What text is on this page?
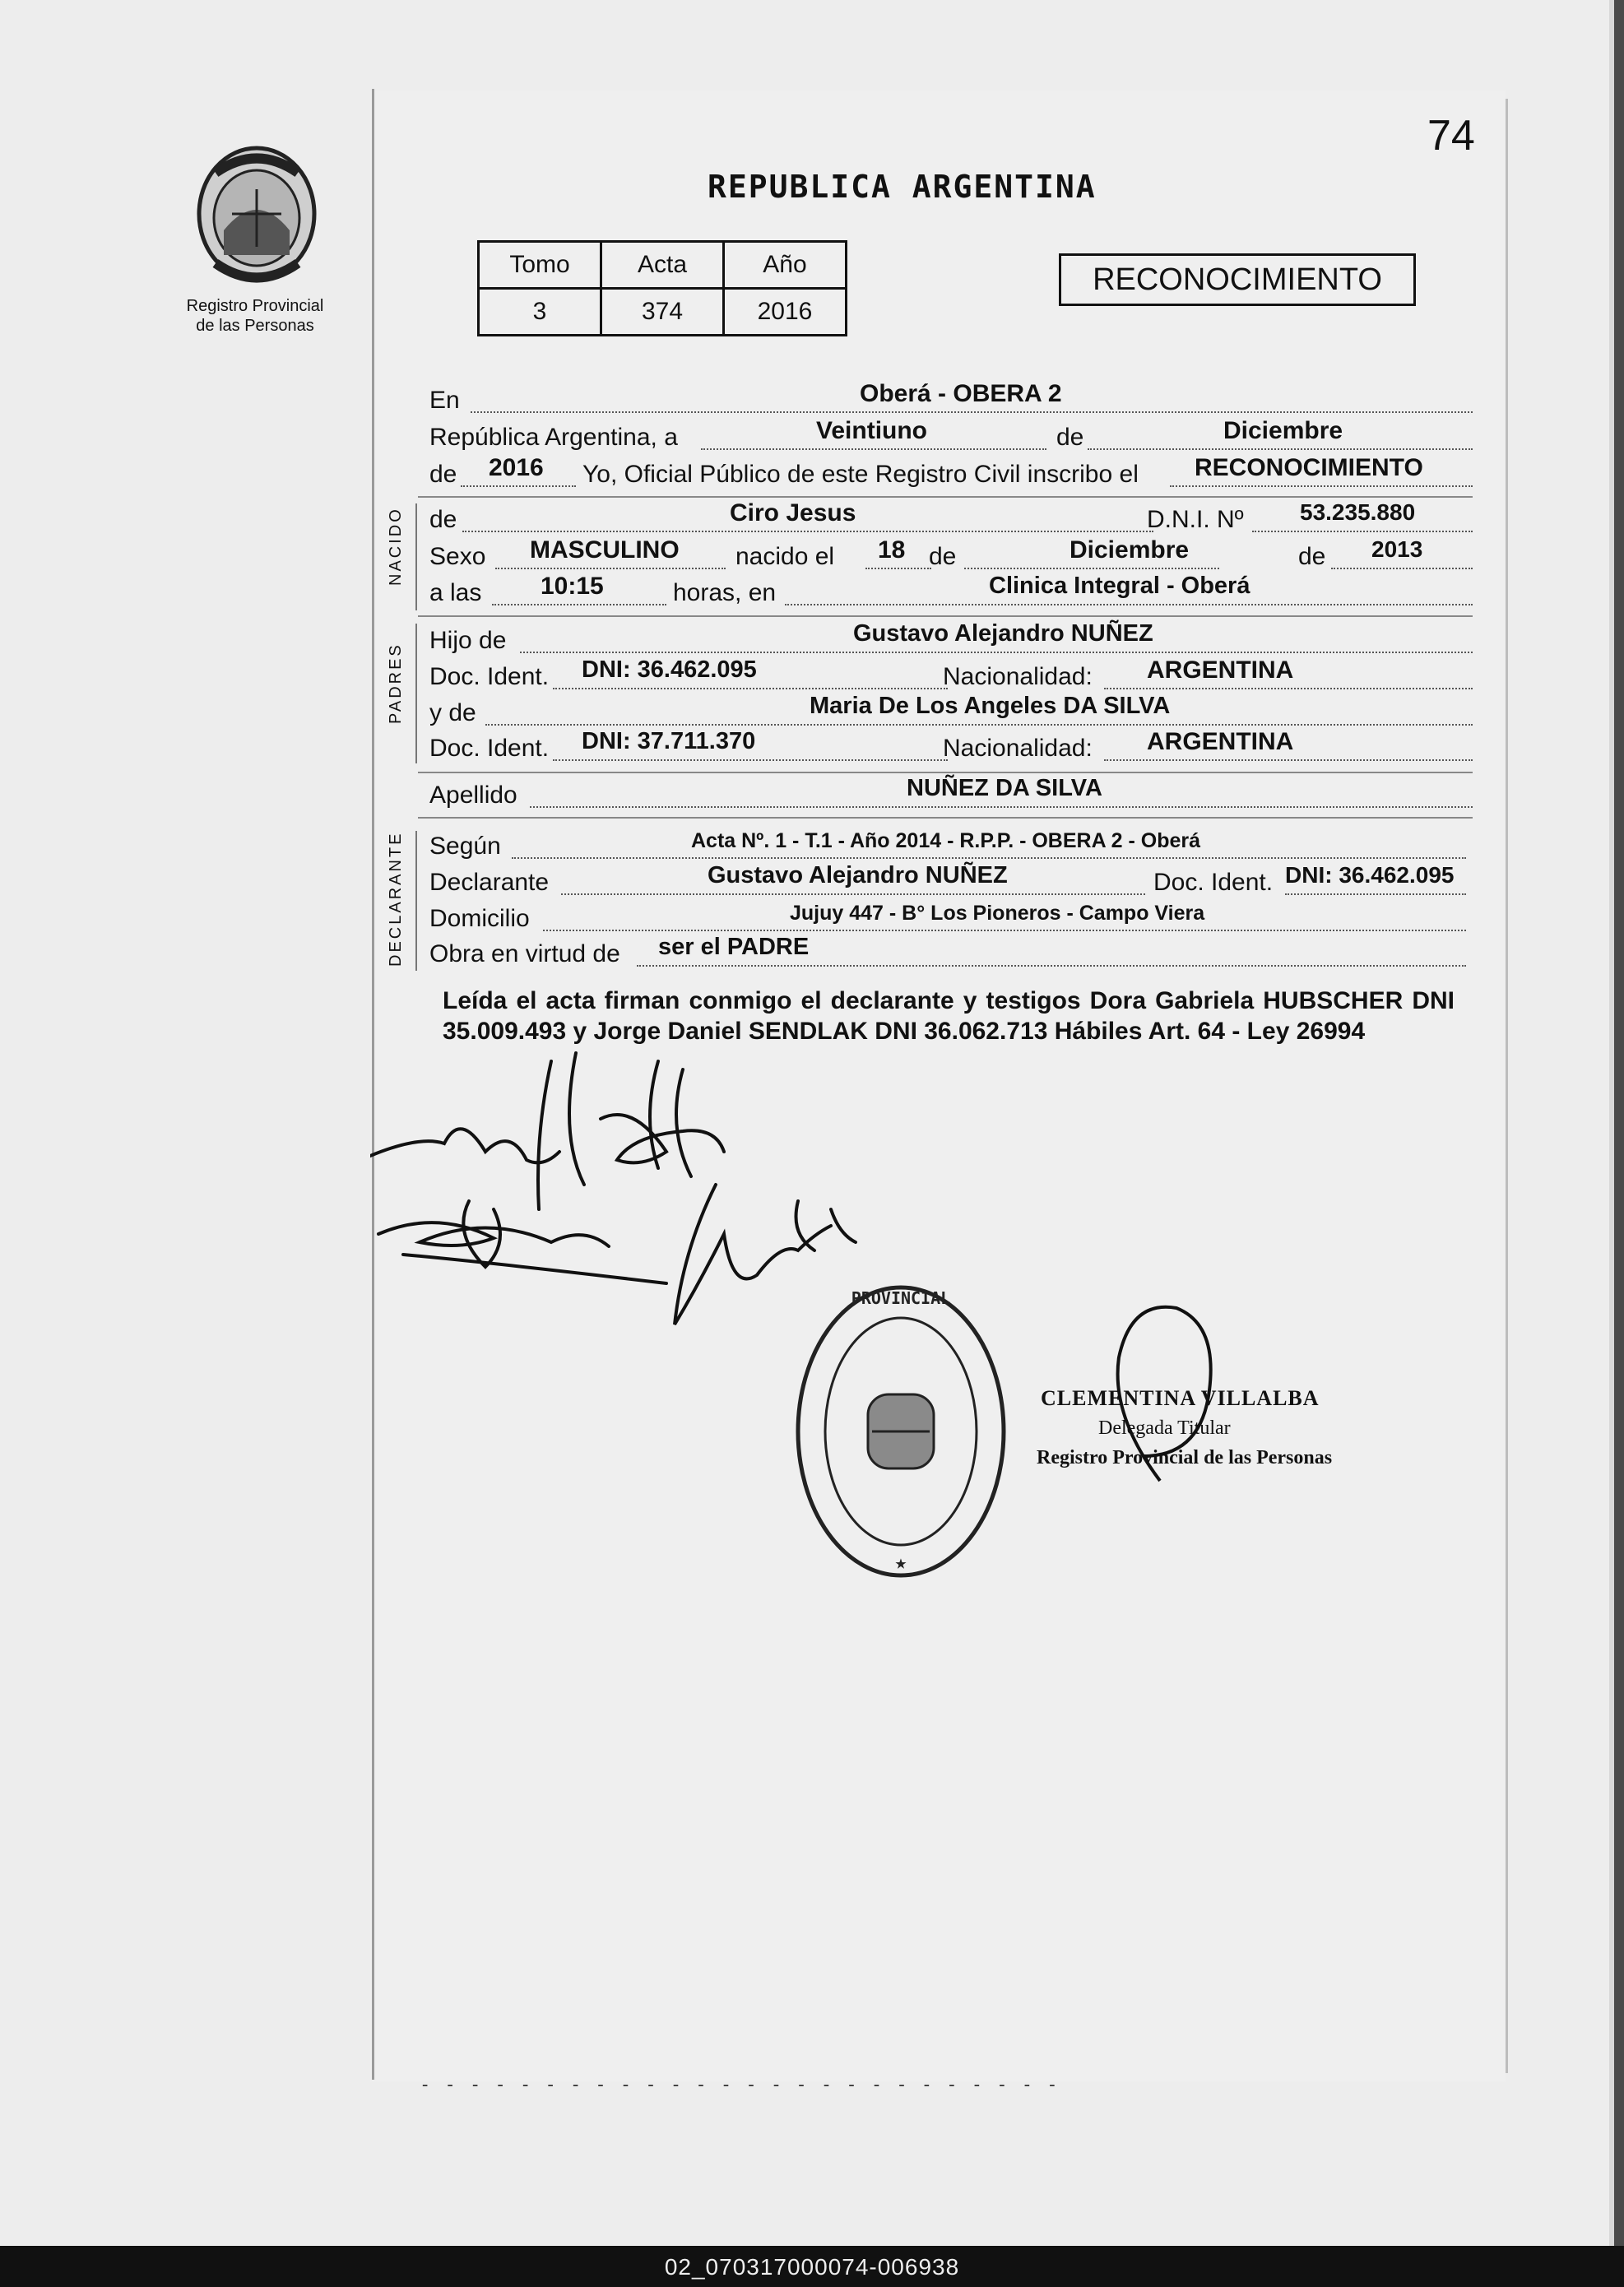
Registro Provincial
de las Personas
74
REPUBLICA ARGENTINA
Tomo	Acta	Año
3	374	2016
RECONOCIMIENTO
En	Oberá - OBERA 2
República Argentina, a	Veintiuno	de	Diciembre
de 2016 Yo, Oficial Público de este Registro Civil inscribo el RECONOCIMIENTO
NACIDO de	Ciro Jesus	D.N.I. Nº 53.235.880
Sexo MASCULINO nacido el 18 de	Diciembre	de 2013
a las 10:15	horas, en	Clinica Integral - Oberá
PADRES
Hijo de	Gustavo Alejandro NUÑEZ
Doc. Ident. DNI: 36.462.095	Nacionalidad: ARGENTINA
y de	Maria De Los Angeles DA SILVA
Doc. Ident. DNI: 37.711.370	Nacionalidad: ARGENTINA
Apellido	NUÑEZ DA SILVA
DECLARANTE Según	Acta Nº. 1 - T.1 - Año 2014 - R.P.P. - OBERA 2 - Oberá
Declarante	Gustavo Alejandro NUÑEZ	Doc. Ident. DNI: 36.462.095
Domicilio	Jujuy 447 - B° Los Pioneros - Campo Viera
Obra en virtud de ser el PADRE
Leída el acta firman conmigo el declarante y testigos Dora Gabriela HUBSCHER DNI 35.009.493 y Jorge Daniel SENDLAK DNI 36.062.713 Hábiles Art. 64 - Ley 26994
PROVINCIAL
★
CLEMENTINA VILLALBA
Delegada Titular
Registro Provincial de las Personas
- - - - - - - - - - - - - - - - - - - - - - - - - -
02_070317000074-006938
